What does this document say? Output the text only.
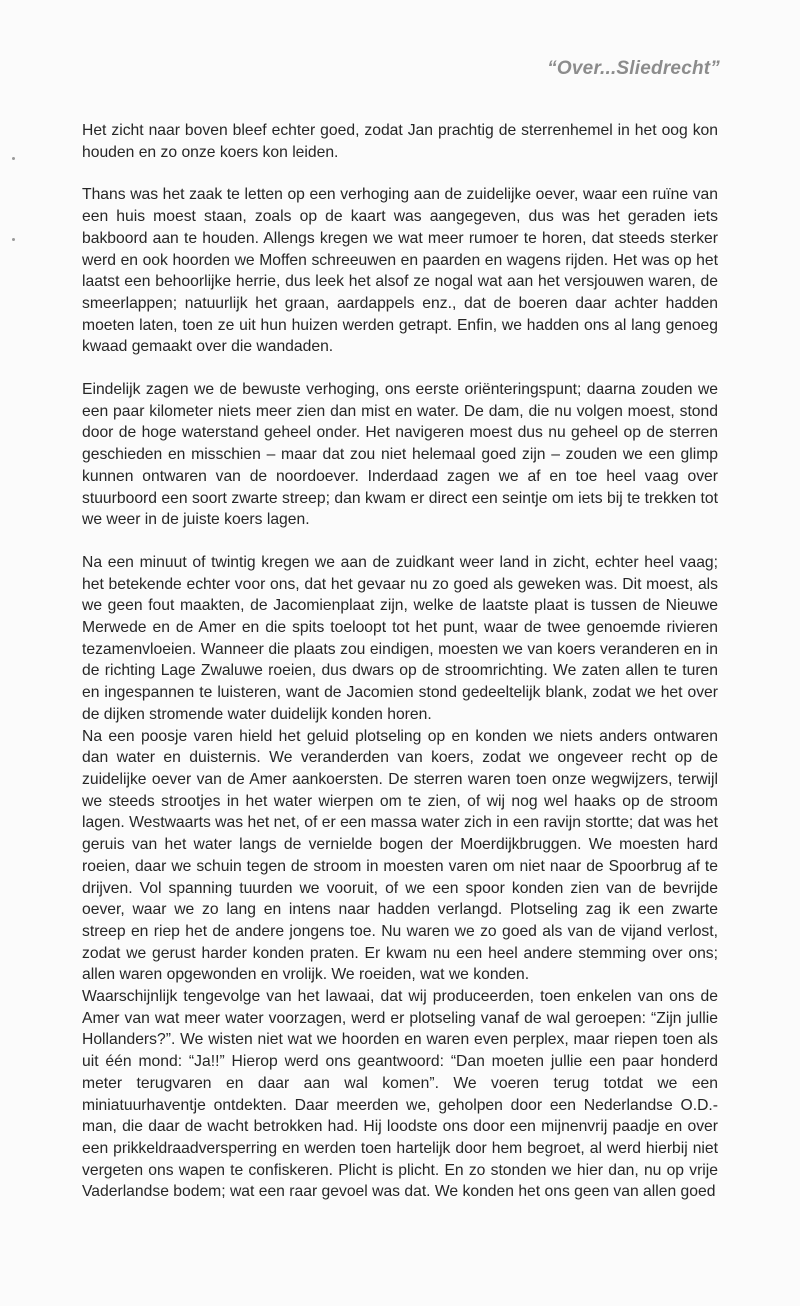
“Over...Sliedrecht”

Het zicht naar boven bleef echter goed, zodat Jan prachtig de sterrenhemel in het oog kon houden en zo onze koers kon leiden.

Thans was het zaak te letten op een verhoging aan de zuidelijke oever, waar een ruïne van een huis moest staan, zoals op de kaart was aangegeven, dus was het geraden iets bakboord aan te houden. Allengs kregen we wat meer rumoer te horen, dat steeds sterker werd en ook hoorden we Moffen schreeuwen en paarden en wagens rijden. Het was op het laatst een behoorlijke herrie, dus leek het alsof ze nogal wat aan het versjouwen waren, de smeerlappen; natuurlijk het graan, aardappels enz., dat de boeren daar achter hadden moeten laten, toen ze uit hun huizen werden getrapt. Enfin, we hadden ons al lang genoeg kwaad gemaakt over die wandaden.

Eindelijk zagen we de bewuste verhoging, ons eerste oriënteringspunt; daarna zouden we een paar kilometer niets meer zien dan mist en water. De dam, die nu volgen moest, stond door de hoge waterstand geheel onder. Het navigeren moest dus nu geheel op de sterren geschieden en misschien – maar dat zou niet helemaal goed zijn – zouden we een glimp kunnen ontwaren van de noordoever. Inderdaad zagen we af en toe heel vaag over stuurboord een soort zwarte streep; dan kwam er direct een seintje om iets bij te trekken tot we weer in de juiste koers lagen.

Na een minuut of twintig kregen we aan de zuidkant weer land in zicht, echter heel vaag; het betekende echter voor ons, dat het gevaar nu zo goed als geweken was. Dit moest, als we geen fout maakten, de Jacomienplaat zijn, welke de laatste plaat is tussen de Nieuwe Merwede en de Amer en die spits toeloopt tot het punt, waar de twee genoemde rivieren tezamenvloeien. Wanneer die plaats zou eindigen, moesten we van koers veranderen en in de richting Lage Zwaluwe roeien, dus dwars op de stroomrichting. We zaten allen te turen en ingespannen te luisteren, want de Jacomien stond gedeeltelijk blank, zodat we het over de dijken stromende water duidelijk konden horen.

Na een poosje varen hield het geluid plotseling op en konden we niets anders ontwaren dan water en duisternis. We veranderden van koers, zodat we ongeveer recht op de zuidelijke oever van de Amer aankoersten. De sterren waren toen onze wegwijzers, terwijl we steeds strootjes in het water wierpen om te zien, of wij nog wel haaks op de stroom lagen. Westwaarts was het net, of er een massa water zich in een ravijn stortte; dat was het geruis van het water langs de vernielde bogen der Moerdijkbruggen. We moesten hard roeien, daar we schuin tegen de stroom in moesten varen om niet naar de Spoorbrug af te drijven. Vol spanning tuurden we vooruit, of we een spoor konden zien van de bevrijde oever, waar we zo lang en intens naar hadden verlangd. Plotseling zag ik een zwarte streep en riep het de andere jongens toe. Nu waren we zo goed als van de vijand verlost, zodat we gerust harder konden praten. Er kwam nu een heel andere stemming over ons; allen waren opgewonden en vrolijk. We roeiden, wat we konden.

Waarschijnlijk tengevolge van het lawaai, dat wij produceerden, toen enkelen van ons de Amer van wat meer water voorzagen, werd er plotseling vanaf de wal geroepen: “Zijn jullie Hollanders?”. We wisten niet wat we hoorden en waren even perplex, maar riepen toen als uit één mond: “Ja!!” Hierop werd ons geantwoord: “Dan moeten jullie een paar honderd meter terugvaren en daar aan wal komen”. We voeren terug totdat we een miniatuurhaventje ontdekten. Daar meerden we, geholpen door een Nederlandse O.D.-man, die daar de wacht betrokken had. Hij loodste ons door een mijnenvrij paadje en over een prikkeldraadversperring en werden toen hartelijk door hem begroet, al werd hierbij niet vergeten ons wapen te confiskeren. Plicht is plicht. En zo stonden we hier dan, nu op vrije Vaderlandse bodem; wat een raar gevoel was dat. We konden het ons geen van allen goed
